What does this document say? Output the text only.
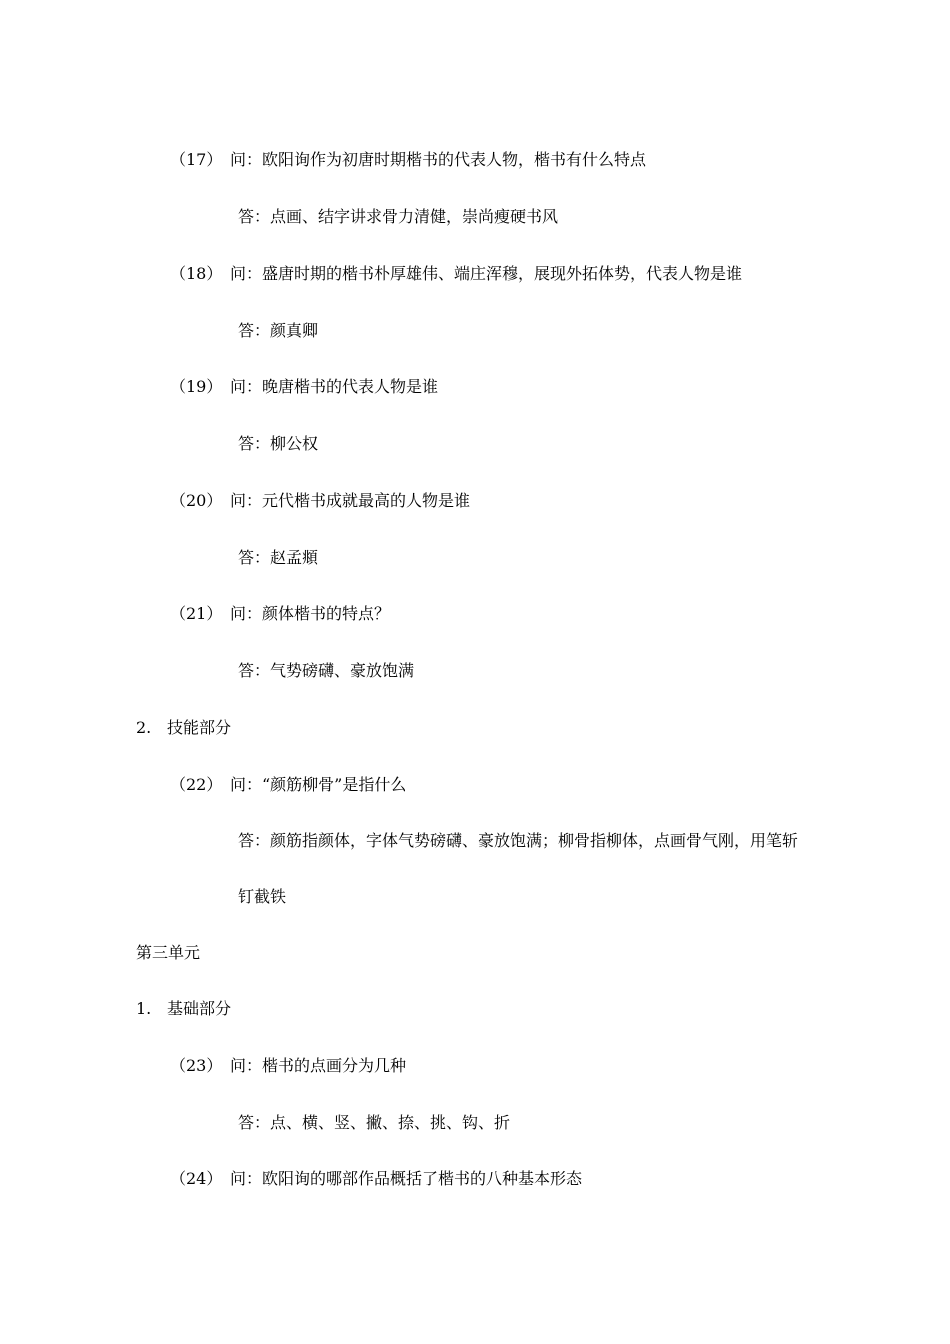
（17） 问：欧阳询作为初唐时期楷书的代表人物，楷书有什么特点
答：点画、结字讲求骨力清健，崇尚瘦硬书风
（18） 问：盛唐时期的楷书朴厚雄伟、端庄浑穆，展现外拓体势，代表人物是谁
答：颜真卿
（19） 问：晚唐楷书的代表人物是谁
答：柳公权
（20） 问：元代楷书成就最高的人物是谁
答：赵孟頫
（21） 问：颜体楷书的特点？
答：气势磅礴、豪放饱满
2. 技能部分
（22） 问：“颜筋柳骨”是指什么
答：颜筋指颜体，字体气势磅礴、豪放饱满；柳骨指柳体，点画骨气刚，用笔斩
钉截铁
第三单元
1. 基础部分
（23） 问：楷书的点画分为几种
答：点、横、竖、撇、捺、挑、钩、折
（24） 问：欧阳询的哪部作品概括了楷书的八种基本形态
